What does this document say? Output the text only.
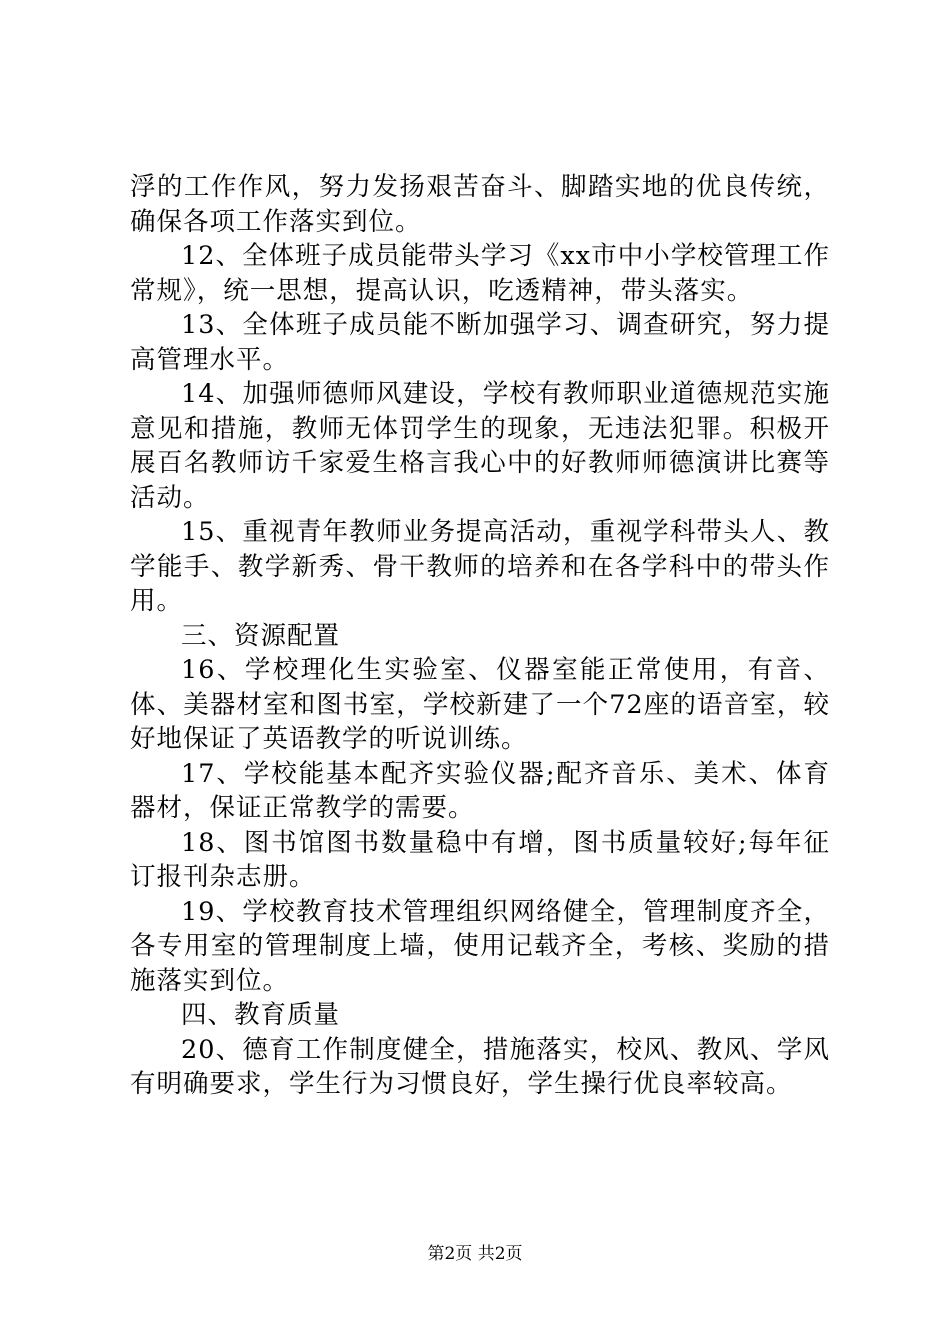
浮的工作作风，努力发扬艰苦奋斗、脚踏实地的优良传统，确保各项工作落实到位。

12、全体班子成员能带头学习《xx市中小学校管理工作常规》，统一思想，提高认识，吃透精神，带头落实。

13、全体班子成员能不断加强学习、调查研究，努力提高管理水平。

14、加强师德师风建设，学校有教师职业道德规范实施意见和措施，教师无体罚学生的现象，无违法犯罪。积极开展百名教师访千家爱生格言我心中的好教师师德演讲比赛等活动。

15、重视青年教师业务提高活动，重视学科带头人、教学能手、教学新秀、骨干教师的培养和在各学科中的带头作用。

三、资源配置

16、学校理化生实验室、仪器室能正常使用，有音、体、美器材室和图书室，学校新建了一个72座的语音室，较好地保证了英语教学的听说训练。

17、学校能基本配齐实验仪器;配齐音乐、美术、体育器材，保证正常教学的需要。

18、图书馆图书数量稳中有增，图书质量较好;每年征订报刊杂志册。

19、学校教育技术管理组织网络健全，管理制度齐全，各专用室的管理制度上墙，使用记载齐全，考核、奖励的措施落实到位。

四、教育质量

20、德育工作制度健全，措施落实，校风、教风、学风有明确要求，学生行为习惯良好，学生操行优良率较高。

第2页 共2页
